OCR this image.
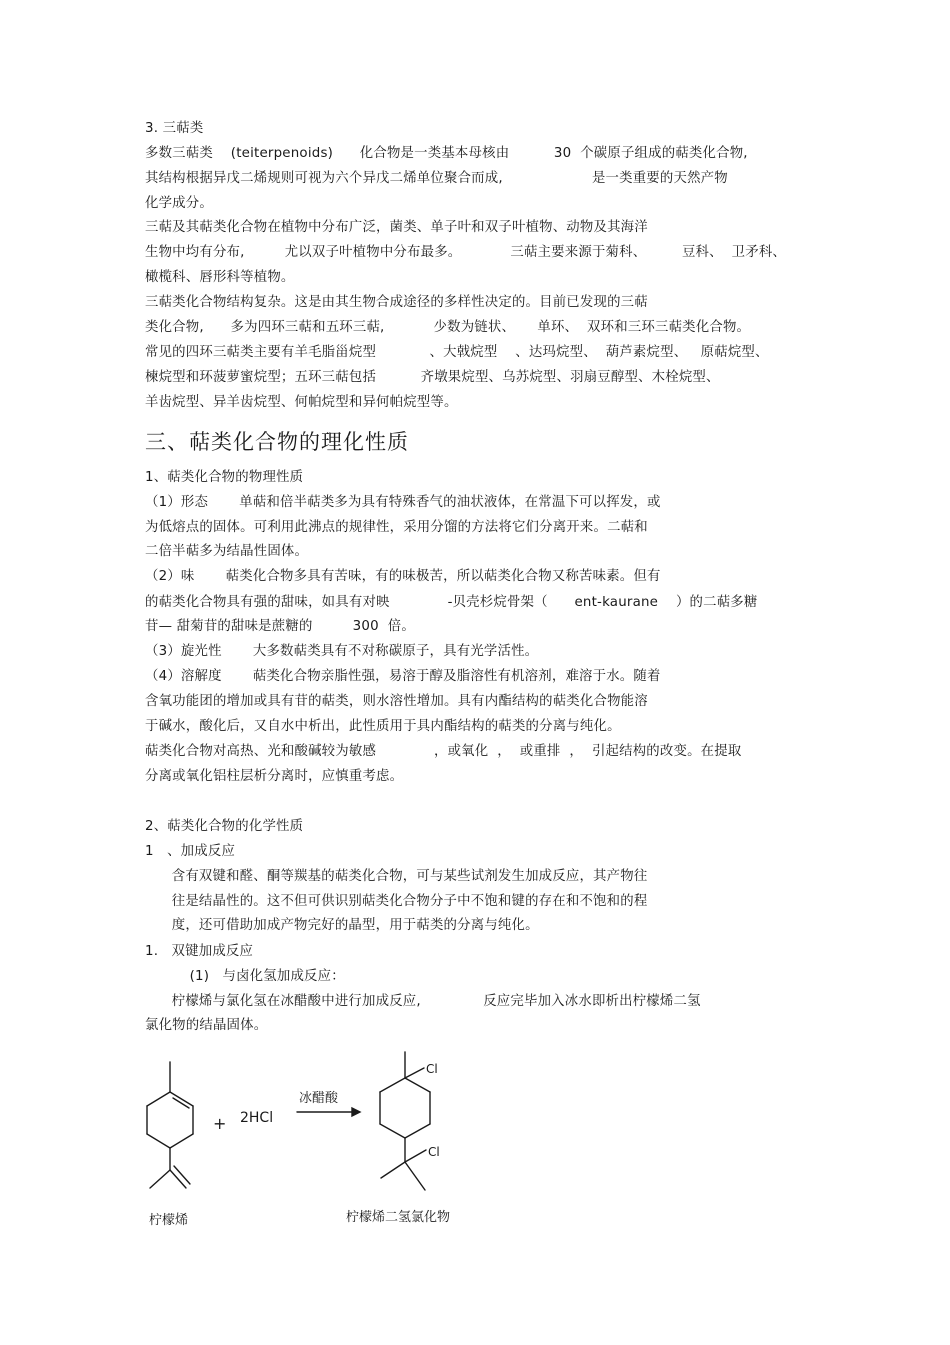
3. 三萜类
多数三萜类    (teiterpenoids)      化合物是一类基本母核由          30  个碳原子组成的萜类化合物,
其结构根据异戊二烯规则可视为六个异戊二烯单位聚合而成,                    是一类重要的天然产物
化学成分。
三萜及其萜类化合物在植物中分布广泛，菌类、单子叶和双子叶植物、动物及其海洋
生物中均有分布,         尤以双子叶植物中分布最多。           三萜主要来源于菊科、        豆科、  卫矛科、
橄榄科、唇形科等植物。
三萜类化合物结构复杂。这是由其生物合成途径的多样性决定的。目前已发现的三萜
类化合物,      多为四环三萜和五环三萜,           少数为链状、     单环、  双环和三环三萜类化合物。
常见的四环三萜类主要有羊毛脂甾烷型            、大戟烷型    、达玛烷型、  葫芦素烷型、   原萜烷型、
楝烷型和环菠萝蜜烷型；五环三萜包括          齐墩果烷型、乌苏烷型、羽扇豆醇型、木栓烷型、
羊齿烷型、异羊齿烷型、何帕烷型和异何帕烷型等。
三、萜类化合物的理化性质
1、萜类化合物的物理性质
（1）形态       单萜和倍半萜类多为具有特殊香气的油状液体，在常温下可以挥发，或
为低熔点的固体。可利用此沸点的规律性，采用分馏的方法将它们分离开来。二萜和
二倍半萜多为结晶性固体。
（2）味       萜类化合物多具有苦味，有的味极苦，所以萜类化合物又称苦味素。但有
的萜类化合物具有强的甜味，如具有对映             -贝壳杉烷骨架（      ent-kaurane    ）的二萜多糖
苷— 甜菊苷的甜味是蔗糖的         300  倍。
（3）旋光性       大多数萜类具有不对称碳原子，具有光学活性。
（4）溶解度       萜类化合物亲脂性强，易溶于醇及脂溶性有机溶剂，难溶于水。随着
含氧功能团的增加或具有苷的萜类，则水溶性增加。具有内酯结构的萜类化合物能溶
于碱水，酸化后，又自水中析出，此性质用于具内酯结构的萜类的分离与纯化。
萜类化合物对高热、光和酸碱较为敏感             ，或氧化  ，  或重排  ，  引起结构的改变。在提取
分离或氧化铝柱层析分离时，应慎重考虑。
2、萜类化合物的化学性质
1   、加成反应
含有双键和醛、酮等羰基的萜类化合物，可与某些试剂发生加成反应，其产物往
往是结晶性的。这不但可供识别萜类化合物分子中不饱和键的存在和不饱和的程
度，还可借助加成产物完好的晶型，用于萜类的分离与纯化。
1.   双键加成反应
(1)   与卤化氢加成反应：
柠檬烯与氯化氢在冰醋酸中进行加成反应,              反应完毕加入冰水即析出柠檬烯二氢
氯化物的结晶固体。
+ 2HCl
冰醋酸
Cl
Cl
柠檬烯	柠檬烯二氢氯化物
